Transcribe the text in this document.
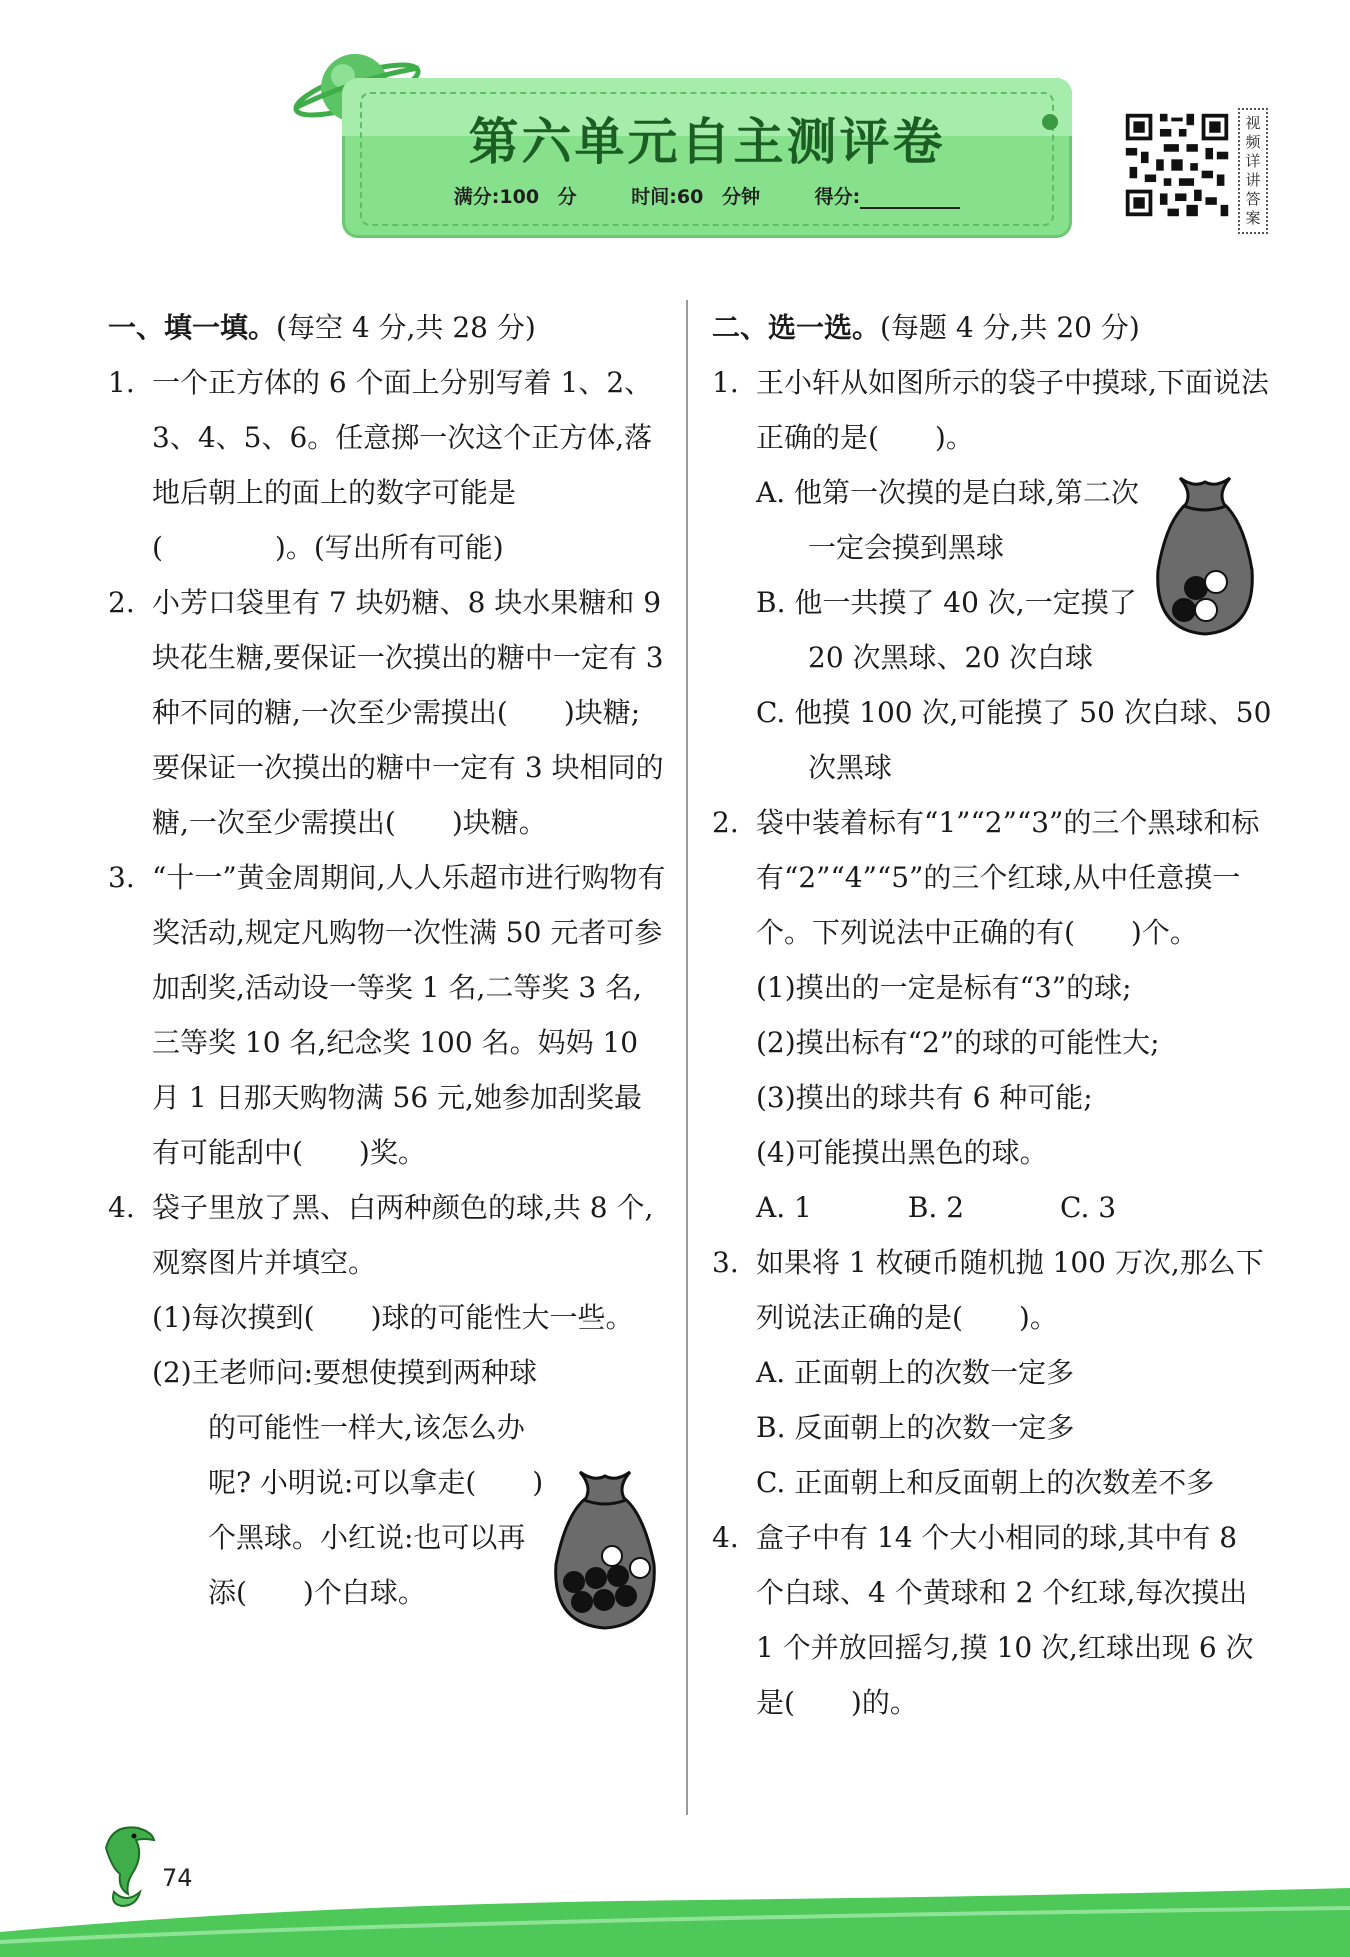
第六单元自主测评卷
满分:100 分	时间:60 分钟	得分:
视频详讲答案
一、填一填。(每空 4 分,共 28 分)
1. 一个正方体的 6 个面上分别写着 1、2、3、4、5、6。任意掷一次这个正方体,落地后朝上的面上的数字可能是(　　　　)。(写出所有可能)
2. 小芳口袋里有 7 块奶糖、8 块水果糖和 9 块花生糖,要保证一次摸出的糖中一定有 3 种不同的糖,一次至少需摸出(　　)块糖;要保证一次摸出的糖中一定有 3 块相同的糖,一次至少需摸出(　　)块糖。
3. “十一”黄金周期间,人人乐超市进行购物有奖活动,规定凡购物一次性满 50 元者可参加刮奖,活动设一等奖 1 名,二等奖 3 名,三等奖 10 名,纪念奖 100 名。妈妈 10 月 1 日那天购物满 56 元,她参加刮奖最有可能刮中(　　)奖。
4. 袋子里放了黑、白两种颜色的球,共 8 个,观察图片并填空。
(1)每次摸到(　　)球的可能性大一些。
(2)王老师问:要想使摸到两种球的可能性一样大,该怎么办呢? 小明说:可以拿走(　　)个黑球。小红说:也可以再添(　　)个白球。
二、选一选。(每题 4 分,共 20 分)
1. 王小轩从如图所示的袋子中摸球,下面说法正确的是(　　)。
A. 他第一次摸的是白球,第二次一定会摸到黑球
B. 他一共摸了 40 次,一定摸了 20 次黑球、20 次白球
C. 他摸 100 次,可能摸了 50 次白球、50 次黑球
2. 袋中装着标有“1”“2”“3”的三个黑球和标有“2”“4”“5”的三个红球,从中任意摸一个。下列说法中正确的有(　　)个。
(1)摸出的一定是标有“3”的球;
(2)摸出标有“2”的球的可能性大;
(3)摸出的球共有 6 种可能;
(4)可能摸出黑色的球。
A. 1	B. 2	C. 3
3. 如果将 1 枚硬币随机抛 100 万次,那么下列说法正确的是(　　)。
A. 正面朝上的次数一定多
B. 反面朝上的次数一定多
C. 正面朝上和反面朝上的次数差不多
4. 盒子中有 14 个大小相同的球,其中有 8 个白球、4 个黄球和 2 个红球,每次摸出 1 个并放回摇匀,摸 10 次,红球出现 6 次是(　　)的。
74
